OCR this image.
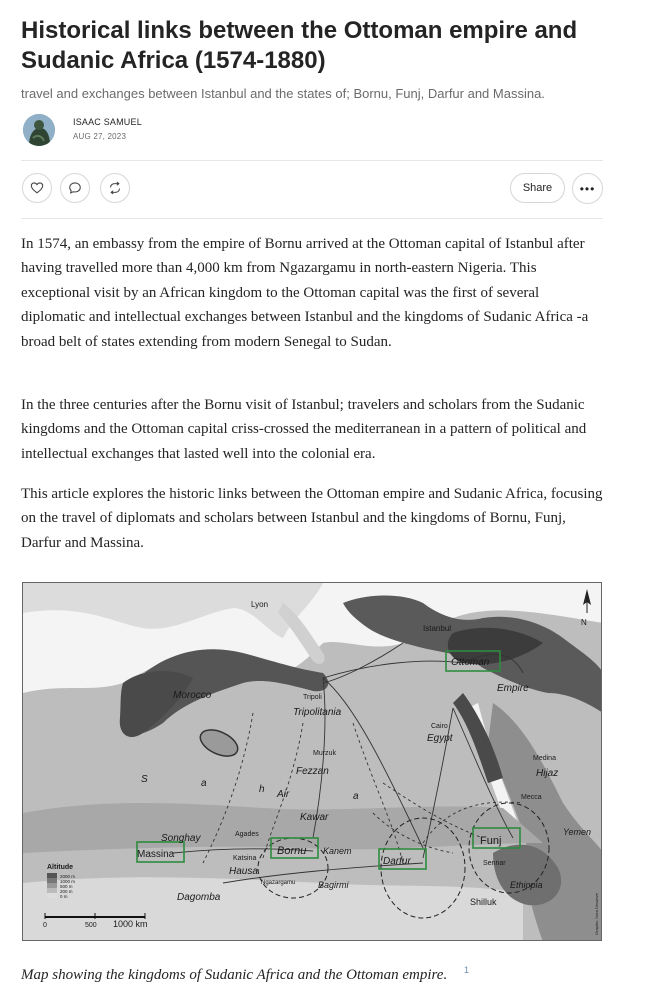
Historical links between the Ottoman empire and Sudanic Africa (1574-1880)
travel and exchanges between Istanbul and the states of; Bornu, Funj, Darfur and Massina.
ISAAC SAMUEL
AUG 27, 2023
Share	•••

In 1574, an embassy from the empire of Bornu arrived at the Ottoman capital of Istanbul after having travelled more than 4,000 km from Ngazargamu in north-eastern Nigeria. This exceptional visit by an African kingdom to the Ottoman capital was the first of several diplomatic and intellectual exchanges between Istanbul and the kingdoms of Sudanic Africa -a broad belt of states extending from modern Senegal to Sudan.

In the three centuries after the Bornu visit of Istanbul; travelers and scholars from the Sudanic kingdoms and the Ottoman capital criss-crossed the mediterranean in a pattern of political and intellectual exchanges that lasted well into the colonial era.

This article explores the historic links between the Ottoman empire and Sudanic Africa, focusing on the travel of diplomats and scholars between Istanbul and the kingdoms of Bornu, Funj, Darfur and Massina.

Lyon
Istanbul
Ottoman
Empire
Morocco	Tripoli
Tripolitania
Cairo
Egypt
Murzuk
Fezzan
Medina
Hijaz
Mecca
S	a
h
a
Air
Kawar
Songhay	Agades
Massina	Bornu Kanem
Katsina
Hausa
Darfur
Funj
Sennar
Yemen
Ethiopia
Ngazargamu	Bagirmi
Dagomba	Shilluk
N
Graphic: Nora Decaeve
Altitude
2000 m
1000 m
500 m
200 m
0 m
0	500 1000 km
Map showing the kingdoms of Sudanic Africa and the Ottoman empire. 1
